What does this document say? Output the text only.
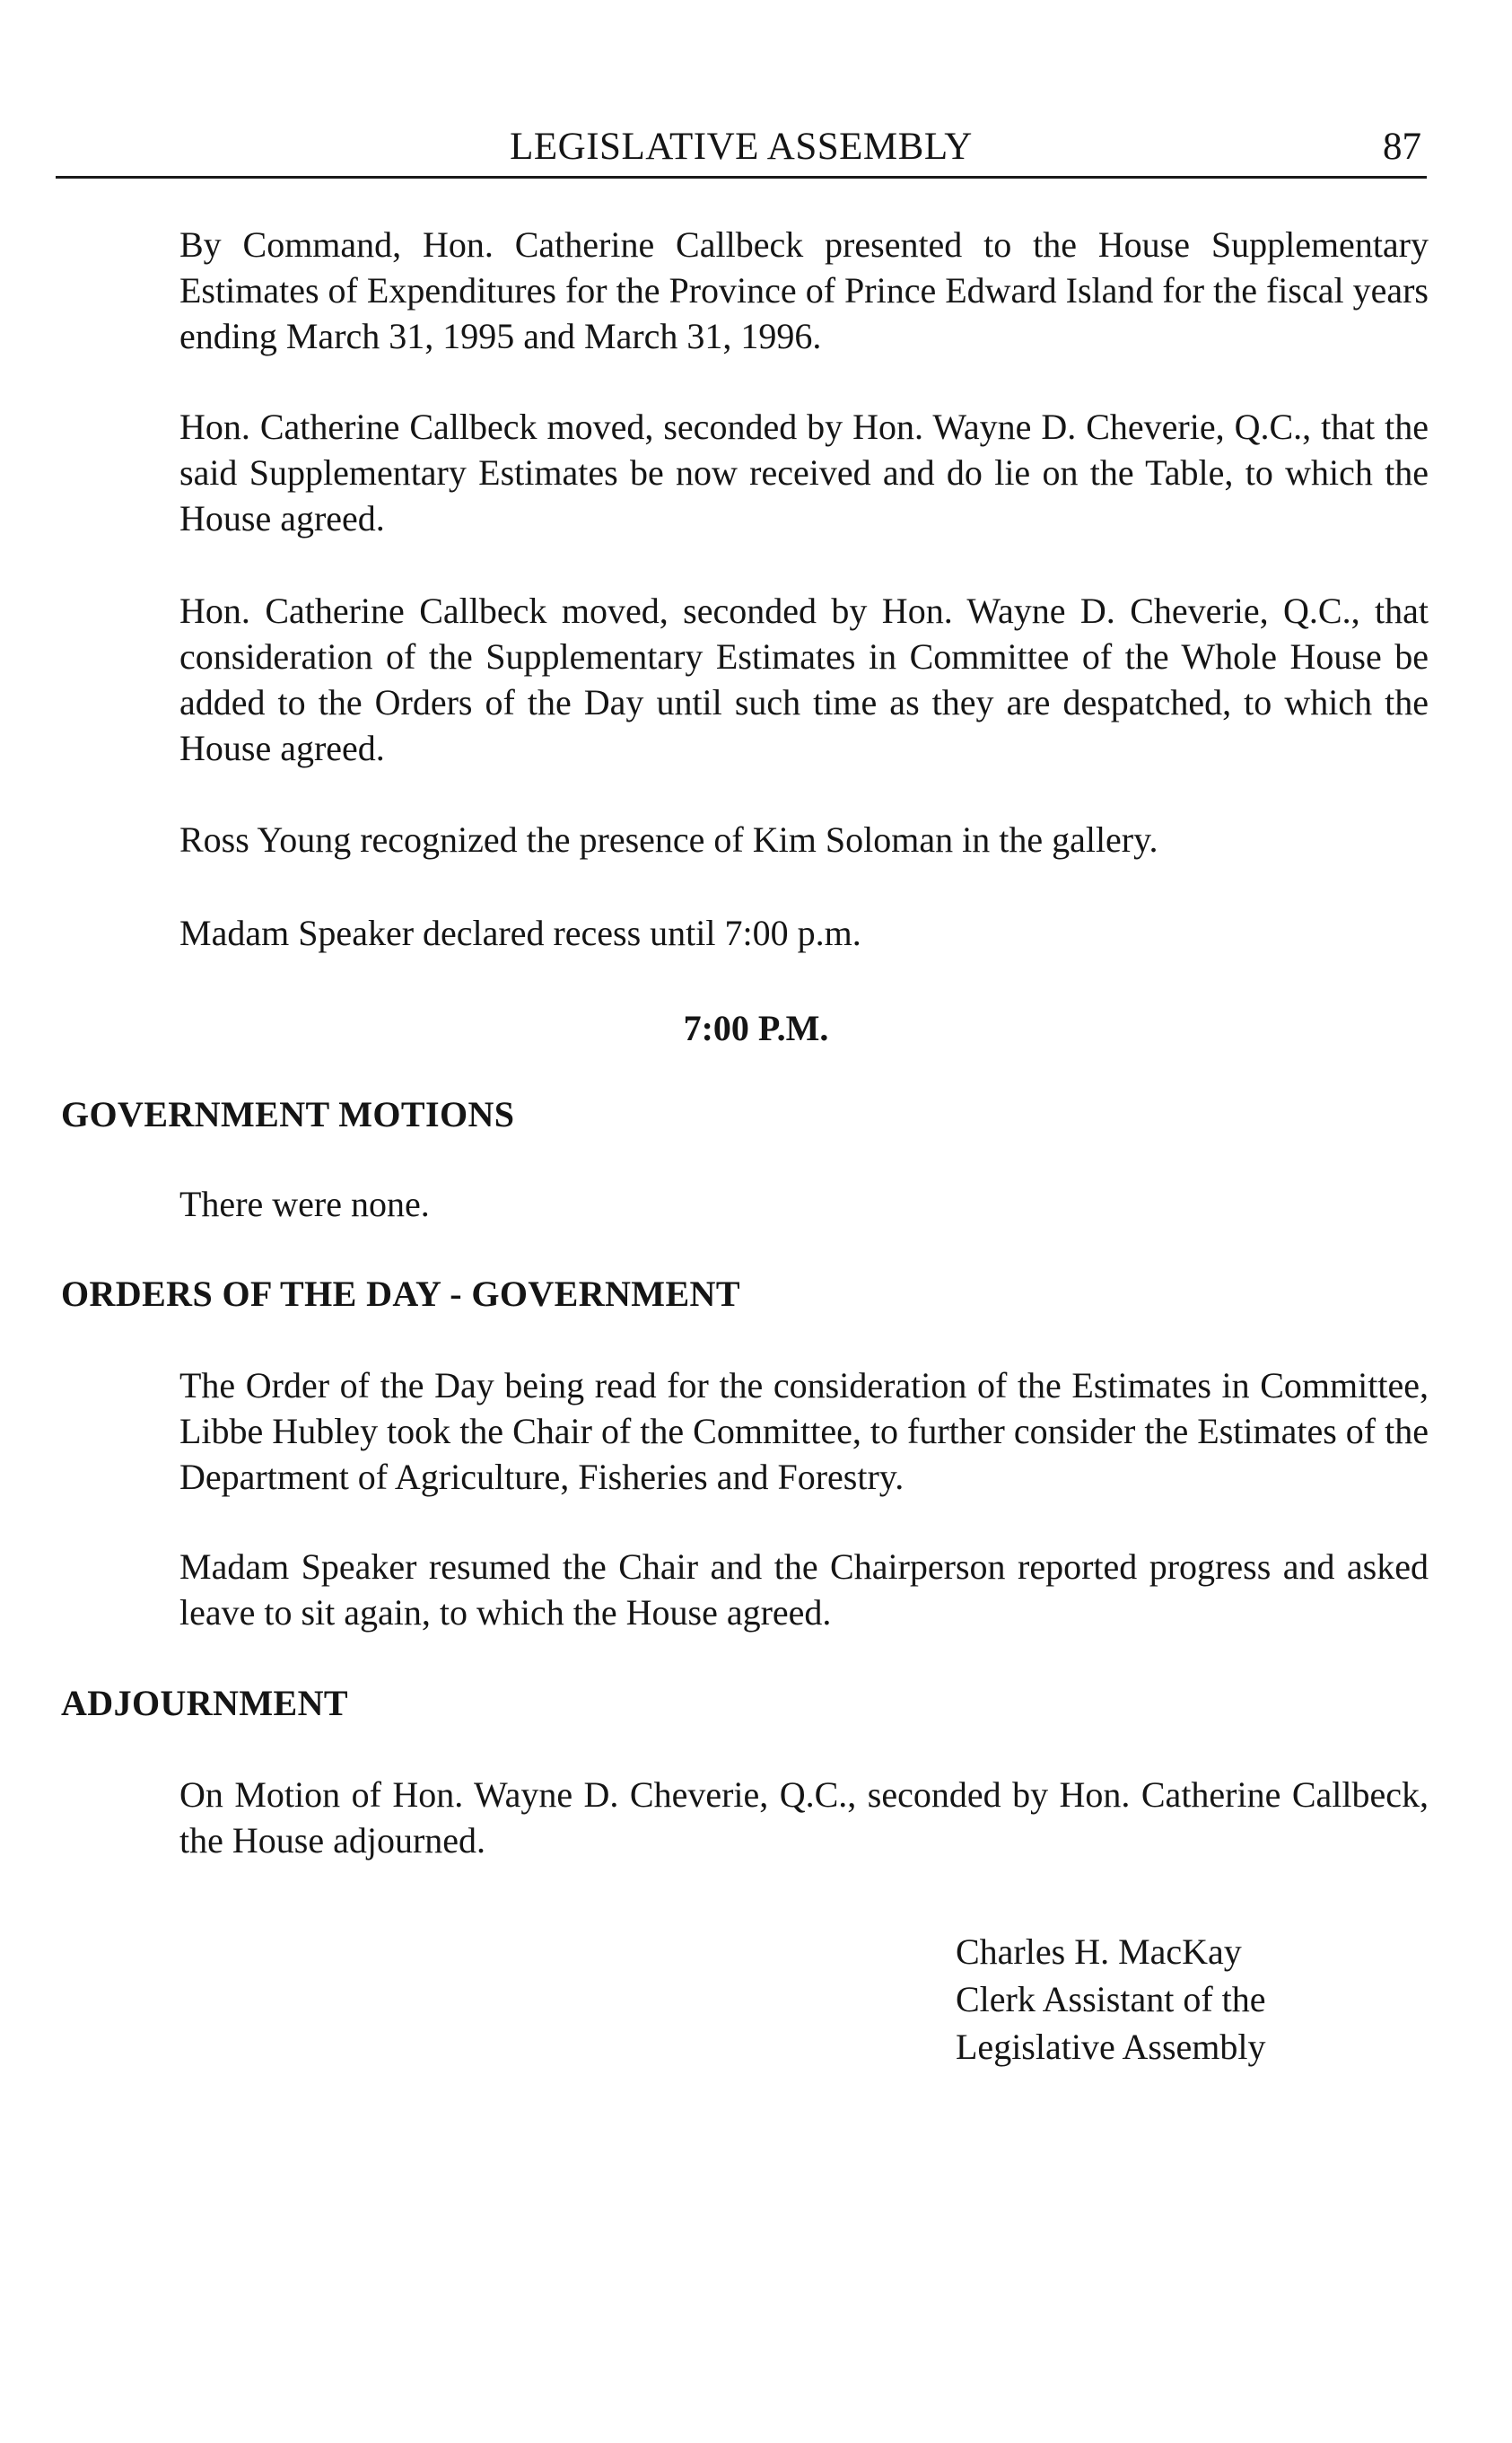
LEGISLATIVE ASSEMBLY	87

By Command, Hon. Catherine Callbeck presented to the House Supplementary Estimates of Expenditures for the Province of Prince Edward Island for the fiscal years ending March 31, 1995 and March 31, 1996.

Hon. Catherine Callbeck moved, seconded by Hon. Wayne D. Cheverie, Q.C., that the said Supplementary Estimates be now received and do lie on the Table, to which the House agreed.

Hon. Catherine Callbeck moved, seconded by Hon. Wayne D. Cheverie, Q.C., that consideration of the Supplementary Estimates in Committee of the Whole House be added to the Orders of the Day until such time as they are despatched, to which the House agreed.

Ross Young recognized the presence of Kim Soloman in the gallery.

Madam Speaker declared recess until 7:00 p.m.

7:00 P.M.
GOVERNMENT MOTIONS

There were none.

ORDERS OF THE DAY - GOVERNMENT

The Order of the Day being read for the consideration of the Estimates in Committee, Libbe Hubley took the Chair of the Committee, to further consider the Estimates of the Department of Agriculture, Fisheries and Forestry.

Madam Speaker resumed the Chair and the Chairperson reported progress and asked leave to sit again, to which the House agreed.

ADJOURNMENT

On Motion of Hon. Wayne D. Cheverie, Q.C., seconded by Hon. Catherine Callbeck, the House adjourned.

Charles H. MacKay
Clerk Assistant of the
Legislative Assembly
